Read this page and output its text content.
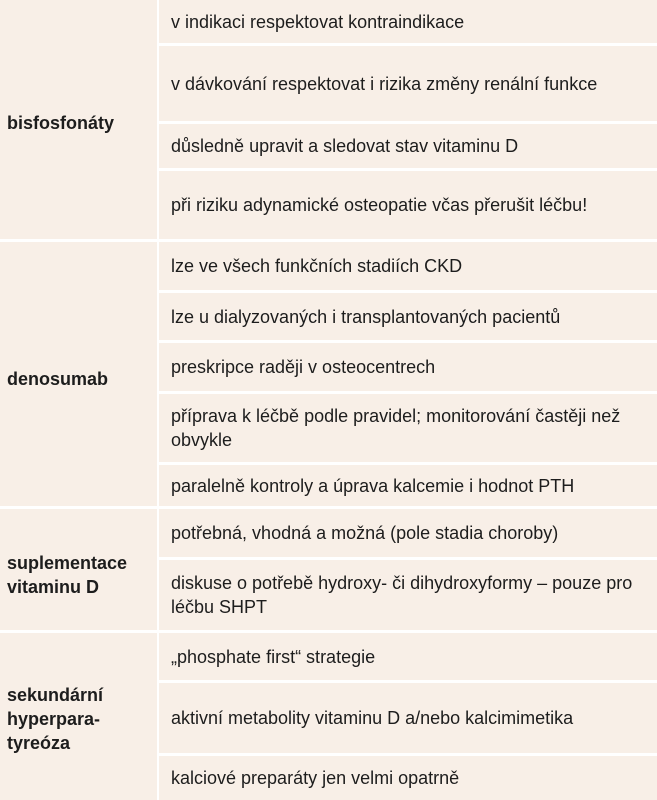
bisfosfonáty
v indikaci respektovat kontraindikace
v dávkování respektovat i rizika změny renální funkce
důsledně upravit a sledovat stav vitaminu D
při riziku adynamické osteopatie včas přerušit léčbu!
denosumab
lze ve všech funkčních stadiích CKD
lze u dialyzovaných i transplantovaných pacientů
preskripce raději v osteocentrech
příprava k léčbě podle pravidel; monitorování častěji než obvykle
paralelně kontroly a úprava kalcemie i hodnot PTH
suplementace vitaminu D
potřebná, vhodná a možná (pole stadia choroby)
diskuse o potřebě hydroxy- či dihydroxyformy – pouze pro léčbu SHPT
sekundární hyperparatyreóza
„phosphate first“ strategie
aktivní metabolity vitaminu D a/nebo kalcimimetika
kalciové preparáty jen velmi opatrně
